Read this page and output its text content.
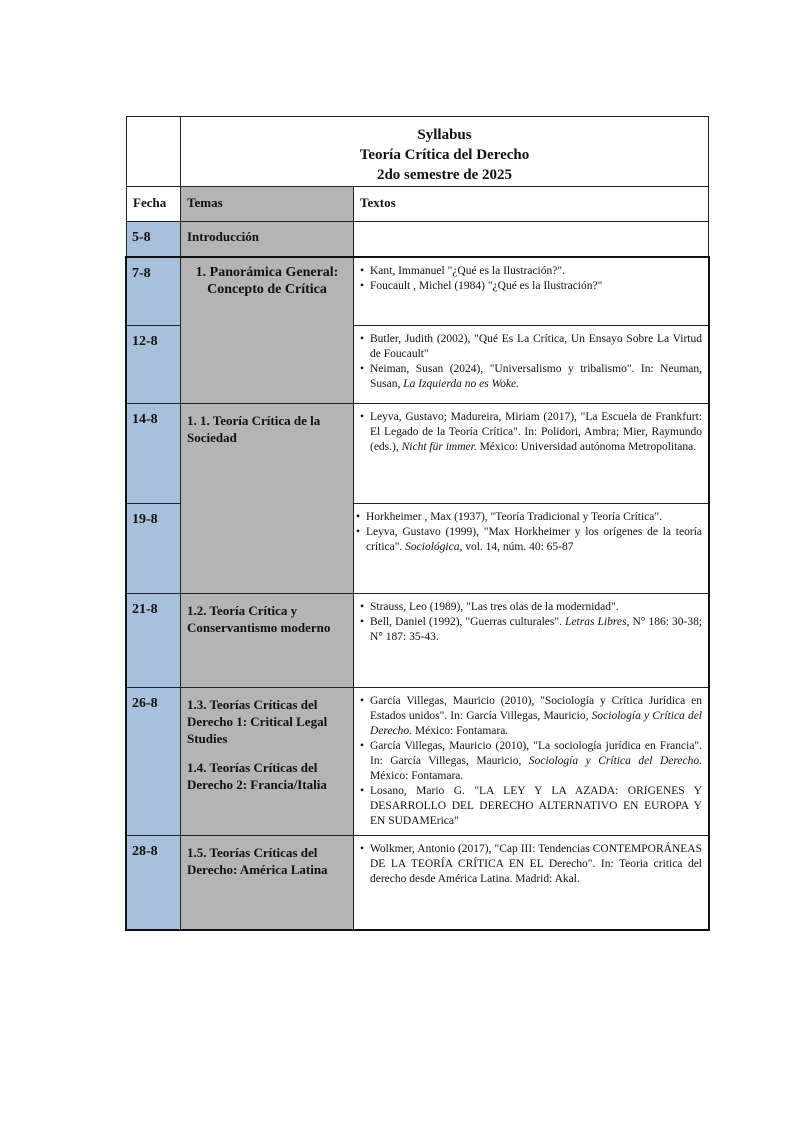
Syllabus
Teoría Crítica del Derecho
2do semestre de 2025
Fecha	Temas	Textos
5-8	Introducción
7-8	1. Panorámica General: Concepto de Crítica
• Kant, Immanuel "¿Qué es la Ilustración?".
• Foucault , Michel (1984) "¿Qué es la Ilustración?"
12-8	• Butler, Judith (2002), "Qué Es La Crítica, Un Ensayo Sobre La Virtud de Foucault"
• Neiman, Susan (2024), "Universalismo y tribalismo". In: Neuman, Susan, La Izquierda no es Woke.
14-8	1. 1. Teoría Crítica de la Sociedad
• Leyva, Gustavo; Madureira, Miriam (2017), "La Escuela de Frankfurt: El Legado de la Teoría Crítica". In: Polidori, Ambra; Mier, Raymundo (eds.), Nicht für immer. México: Universidad autónoma Metropolitana.
19-8	• Horkheimer , Max (1937), "Teoría Tradicional y Teoría Crítica".
• Leyva, Gustavo (1999), "Max Horkheimer y los orígenes de la teoría crítica". Sociológica, vol. 14, núm. 40: 65-87
21-8	1.2. Teoría Crítica y Conservantismo moderno
• Strauss, Leo (1989), "Las tres olas de la modernidad".
• Bell, Daniel (1992), "Guerras culturales". Letras Libres, N° 186: 30-38; N° 187: 35-43.
26-8	1.3. Teorías Críticas del Derecho 1: Critical Legal Studies
1.4. Teorías Críticas del Derecho 2: Francia/Italia
• García Villegas, Mauricio (2010), "Sociología y Crítica Jurídica en Estados unidos". In: García Villegas, Mauricio, Sociología y Crítica del Derecho. México: Fontamara.
• García Villegas, Mauricio (2010), "La sociología jurídica en Francia". In: García Villegas, Mauricio, Sociología y Crítica del Derecho. México: Fontamara.
• Losano, Mario G. "LA LEY Y LA AZADA: ORIGENES Y DESARROLLO DEL DERECHO ALTERNATIVO EN EUROPA Y EN SUDAMErica"
28-8	1.5. Teorías Críticas del Derecho: América Latina
• Wolkmer, Antonio (2017), "Cap III: Tendencias CONTEMPORÁNEAS DE LA TEORÍA CRÍTICA EN EL Derecho". In: Teoria critica del derecho desde América Latina. Madrid: Akal.
